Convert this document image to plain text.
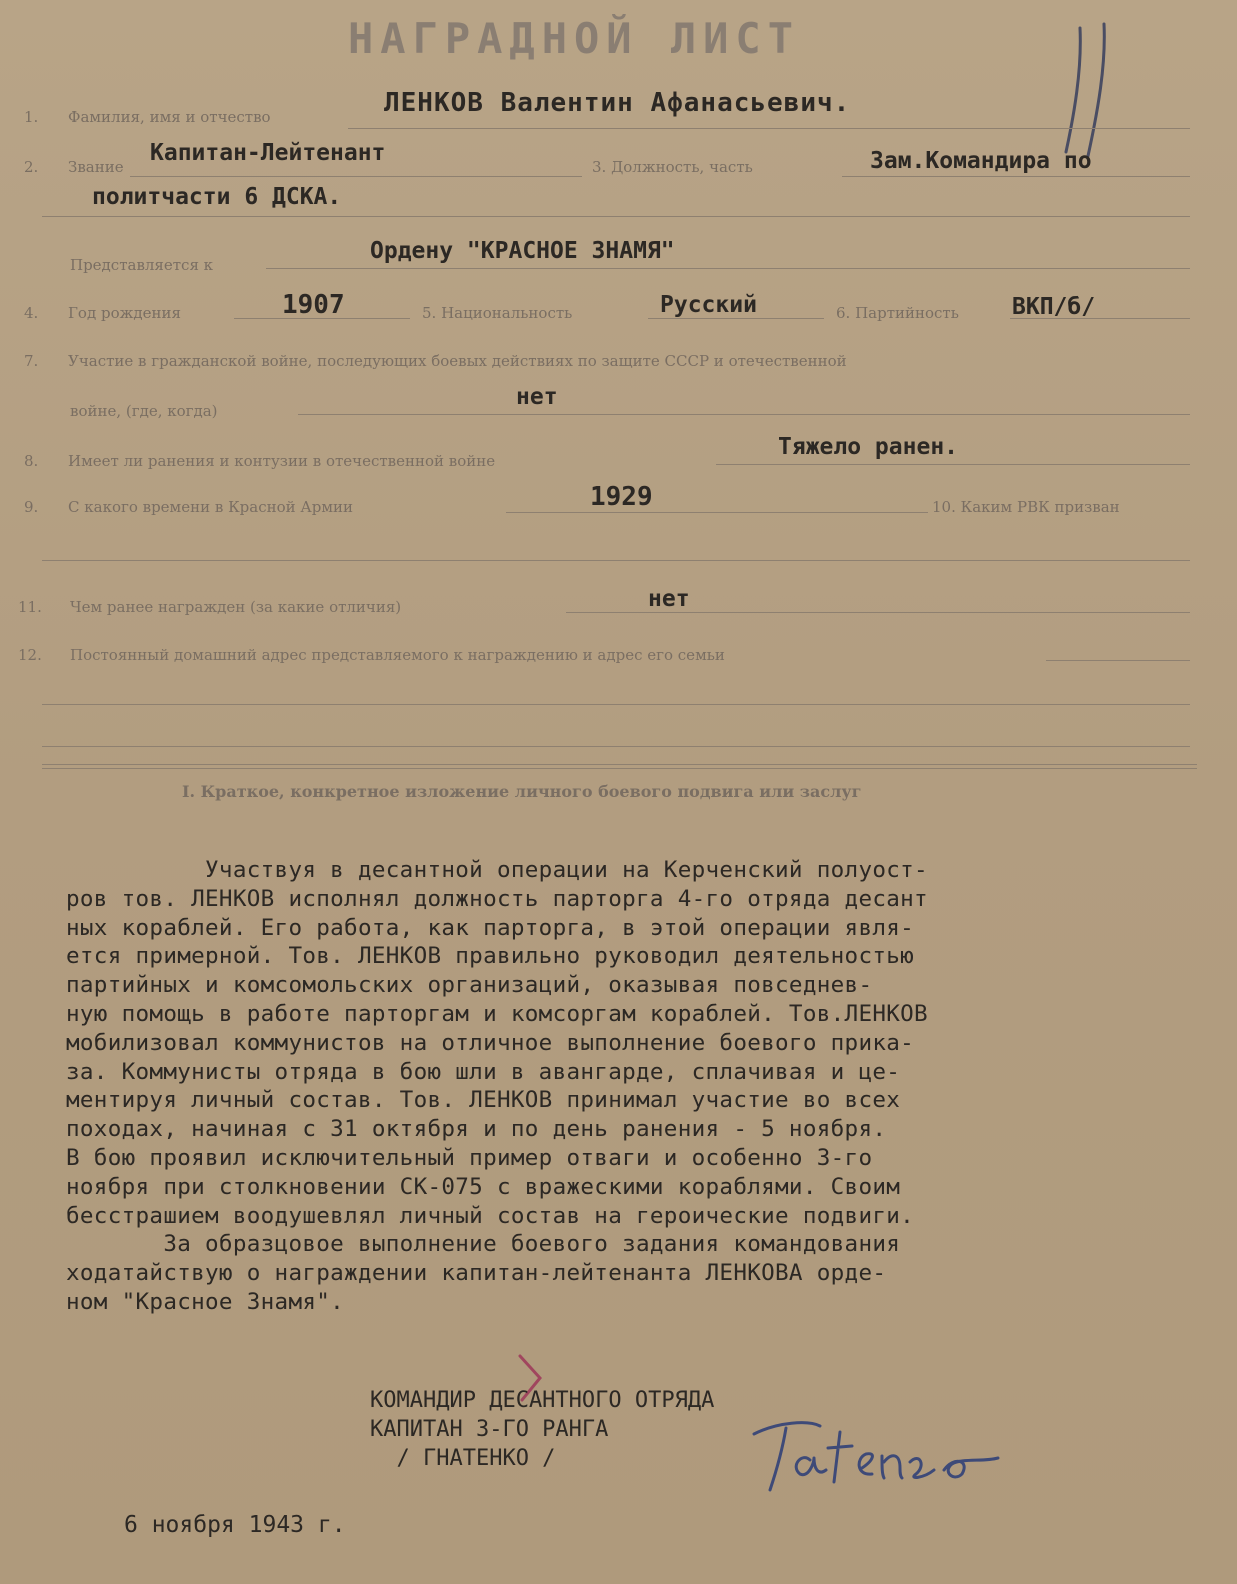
НАГРАДНОЙ ЛИСТ
1. Фамилия, имя и отчество	ЛЕНКОВ Валентин Афанасьевич.
2. Звание
Капитан-Лейтенант
3. Должность, часть	Зам.Командира по
политчасти 6 ДСКА.
Представляется к
Ордену "КРАСНОЕ ЗНАМЯ"
4. Год рождения	1907	5. Национальность	Русский	6. Партийность ВКП/б/
7. Участие в гражданской войне, последующих боевых действиях по защите СССР и отечественной
войне, (где, когда)
нет
8. Имеет ли ранения и контузии в отечественной войне
Тяжело ранен.
9. С какого времени в Красной Армии	1929	10. Каким РВК призван
11. Чем ранее награжден (за какие отличия)	нет
12. Постоянный домашний адрес представляемого к награждению и адрес его семьи
I. Краткое, конкретное изложение личного боевого подвига или заслуг
Участвуя в десантной операции на Керченский полуост-
ров тов. ЛЕНКОВ исполнял должность парторга 4-го отряда десант
ных кораблей. Его работа, как парторга, в этой операции явля-
ется примерной. Тов. ЛЕНКОВ правильно руководил деятельностью
партийных и комсомольских организаций, оказывая повседнев-
ную помощь в работе парторгам и комсоргам кораблей. Тов.ЛЕНКОВ
мобилизовал коммунистов на отличное выполнение боевого прика-
за. Коммунисты отряда в бою шли в авангарде, сплачивая и це-
ментируя личный состав. Тов. ЛЕНКОВ принимал участие во всех
походах, начиная с 31 октября и по день ранения - 5 ноября.
В бою проявил исключительный пример отваги и особенно 3-го
ноября при столкновении СК-075 с вражескими кораблями. Своим
бесстрашием воодушевлял личный состав на героические подвиги.
За образцовое выполнение боевого задания командования
ходатайствую о награждении капитан-лейтенанта ЛЕНКОВА орде-
ном "Красное Знамя".
КОМАНДИР ДЕСАНТНОГО ОТРЯДА
КАПИТАН 3-ГО РАНГА
/ ГНАТЕНКО /
6 ноября 1943 г.
